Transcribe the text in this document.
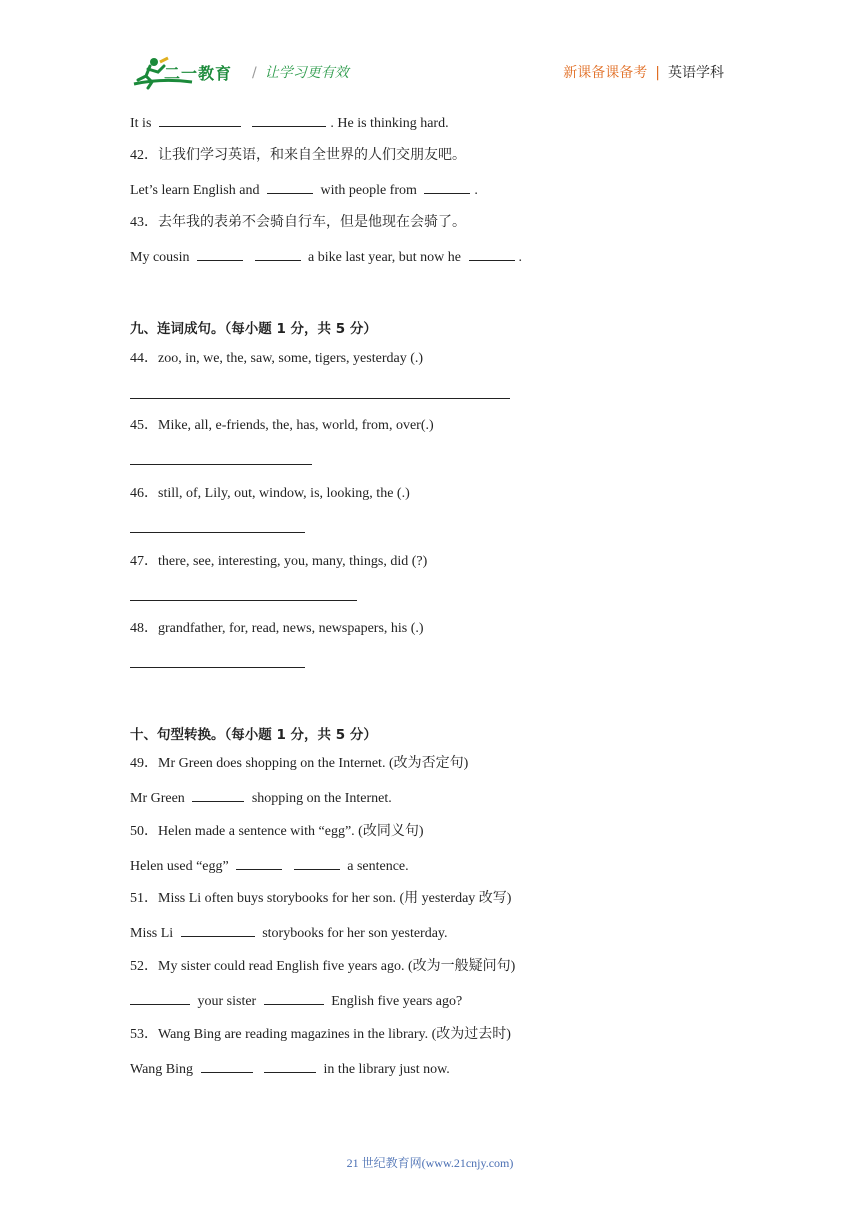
二一教育 / 让学习更有效	新课备课备考 | 英语学科
It is	. He is thinking hard.
42．让我们学习英语，和来自全世界的人们交朋友吧。
Let’s learn English and	with people from	.
43．去年我的表弟不会骑自行车，但是他现在会骑了。
My cousin	a bike last year, but now he	.
九、连词成句。（每小题 1 分，共 5 分）
44．zoo, in, we, the, saw, some, tigers, yesterday (.)
45．Mike, all, e-friends, the, has, world, from, over(.)
46．still, of, Lily, out, window, is, looking, the (.)
47．there, see, interesting, you, many, things, did (?)
48．grandfather, for, read, news, newspapers, his (.)
十、句型转换。（每小题 1 分，共 5 分）
49．Mr Green does shopping on the Internet. (改为否定句)
Mr Green	shopping on the Internet.
50．Helen made a sentence with “egg”. (改同义句)
Helen used “egg”	a sentence.
51．Miss Li often buys storybooks for her son. (用 yesterday 改写)
Miss Li	storybooks for her son yesterday.
52．My sister could read English five years ago. (改为一般疑问句)
your sister	English five years ago?
53．Wang Bing are reading magazines in the library. (改为过去时)
Wang Bing	in the library just now.
21 世纪教育网(www.21cnjy.com)
